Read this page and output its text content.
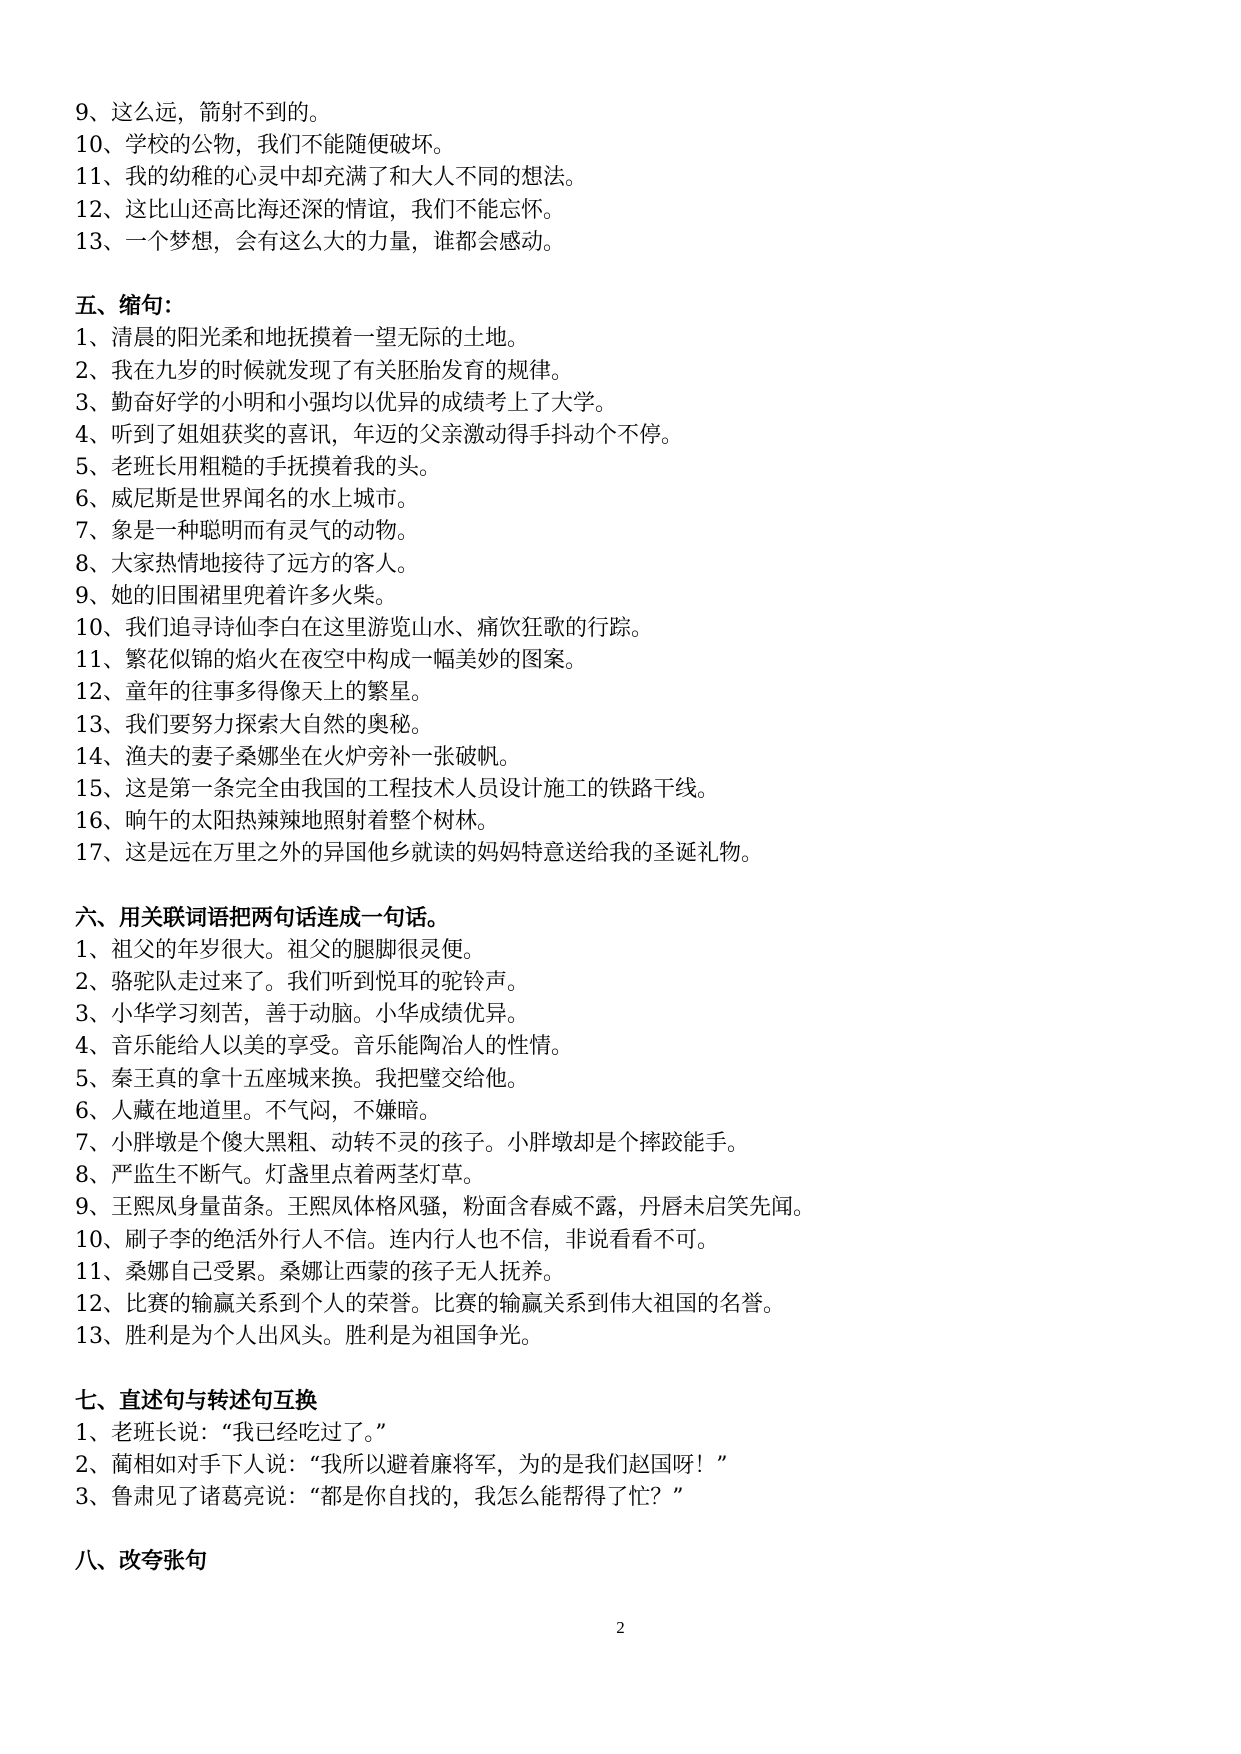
9、这么远，箭射不到的。
10、学校的公物，我们不能随便破坏。
11、我的幼稚的心灵中却充满了和大人不同的想法。
12、这比山还高比海还深的情谊，我们不能忘怀。
13、一个梦想，会有这么大的力量，谁都会感动。
五、缩句：
1、清晨的阳光柔和地抚摸着一望无际的土地。
2、我在九岁的时候就发现了有关胚胎发育的规律。
3、勤奋好学的小明和小强均以优异的成绩考上了大学。
4、听到了姐姐获奖的喜讯，年迈的父亲激动得手抖动个不停。
5、老班长用粗糙的手抚摸着我的头。
6、威尼斯是世界闻名的水上城市。
7、象是一种聪明而有灵气的动物。
8、大家热情地接待了远方的客人。
9、她的旧围裙里兜着许多火柴。
10、我们追寻诗仙李白在这里游览山水、痛饮狂歌的行踪。
11、繁花似锦的焰火在夜空中构成一幅美妙的图案。
12、童年的往事多得像天上的繁星。
13、我们要努力探索大自然的奥秘。
14、渔夫的妻子桑娜坐在火炉旁补一张破帆。
15、这是第一条完全由我国的工程技术人员设计施工的铁路干线。
16、晌午的太阳热辣辣地照射着整个树林。
17、这是远在万里之外的异国他乡就读的妈妈特意送给我的圣诞礼物。
六、用关联词语把两句话连成一句话。
1、祖父的年岁很大。祖父的腿脚很灵便。
2、骆驼队走过来了。我们听到悦耳的驼铃声。
3、小华学习刻苦，善于动脑。小华成绩优异。
4、音乐能给人以美的享受。音乐能陶冶人的性情。
5、秦王真的拿十五座城来换。我把璧交给他。
6、人藏在地道里。不气闷，不嫌暗。
7、小胖墩是个傻大黑粗、动转不灵的孩子。小胖墩却是个摔跤能手。
8、严监生不断气。灯盏里点着两茎灯草。
9、王熙凤身量苗条。王熙凤体格风骚，粉面含春威不露，丹唇未启笑先闻。
10、刷子李的绝活外行人不信。连内行人也不信，非说看看不可。
11、桑娜自己受累。桑娜让西蒙的孩子无人抚养。
12、比赛的输赢关系到个人的荣誉。比赛的输赢关系到伟大祖国的名誉。
13、胜利是为个人出风头。胜利是为祖国争光。
七、直述句与转述句互换
1、老班长说：“我已经吃过了。”
2、蔺相如对手下人说：“我所以避着廉将军，为的是我们赵国呀！”
3、鲁肃见了诸葛亮说：“都是你自找的，我怎么能帮得了忙？”
八、改夸张句
2
